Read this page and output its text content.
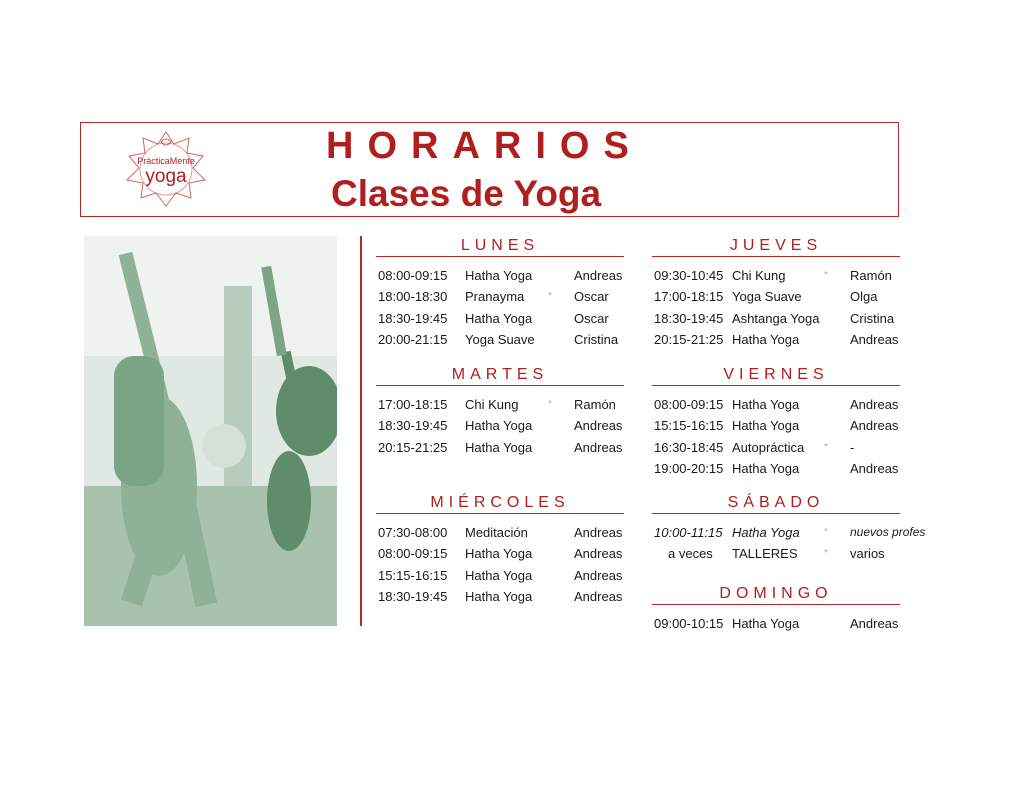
PrácticaMente
yoga
HORARIOS
Clases de Yoga
LUNES
08:00-09:15 Hatha Yoga	Andreas
18:00-18:30 Pranayma * Oscar
18:30-19:45 Hatha Yoga	Oscar
20:00-21:15 Yoga Suave	Cristina
MARTES
17:00-18:15 Chi Kung	* Ramón
18:30-19:45 Hatha Yoga	Andreas
20:15-21:25 Hatha Yoga	Andreas
MIÉRCOLES
07:30-08:00 Meditación	Andreas
08:00-09:15 Hatha Yoga	Andreas
15:15-16:15 Hatha Yoga	Andreas
18:30-19:45 Hatha Yoga	Andreas
JUEVES
09:30-10:45 Chi Kung	* Ramón
17:00-18:15 Yoga Suave	Olga
18:30-19:45 Ashtanga Yoga Cristina
20:15-21:25 Hatha Yoga	Andreas
VIERNES
08:00-09:15 Hatha Yoga	Andreas
15:15-16:15 Hatha Yoga	Andreas
16:30-18:45 Autopráctica * -
19:00-20:15 Hatha Yoga	Andreas
SÁBADO
10:00-11:15 Hatha Yoga * nuevos profes
a veces TALLERES	* varios
DOMINGO
09:00-10:15 Hatha Yoga	Andreas
